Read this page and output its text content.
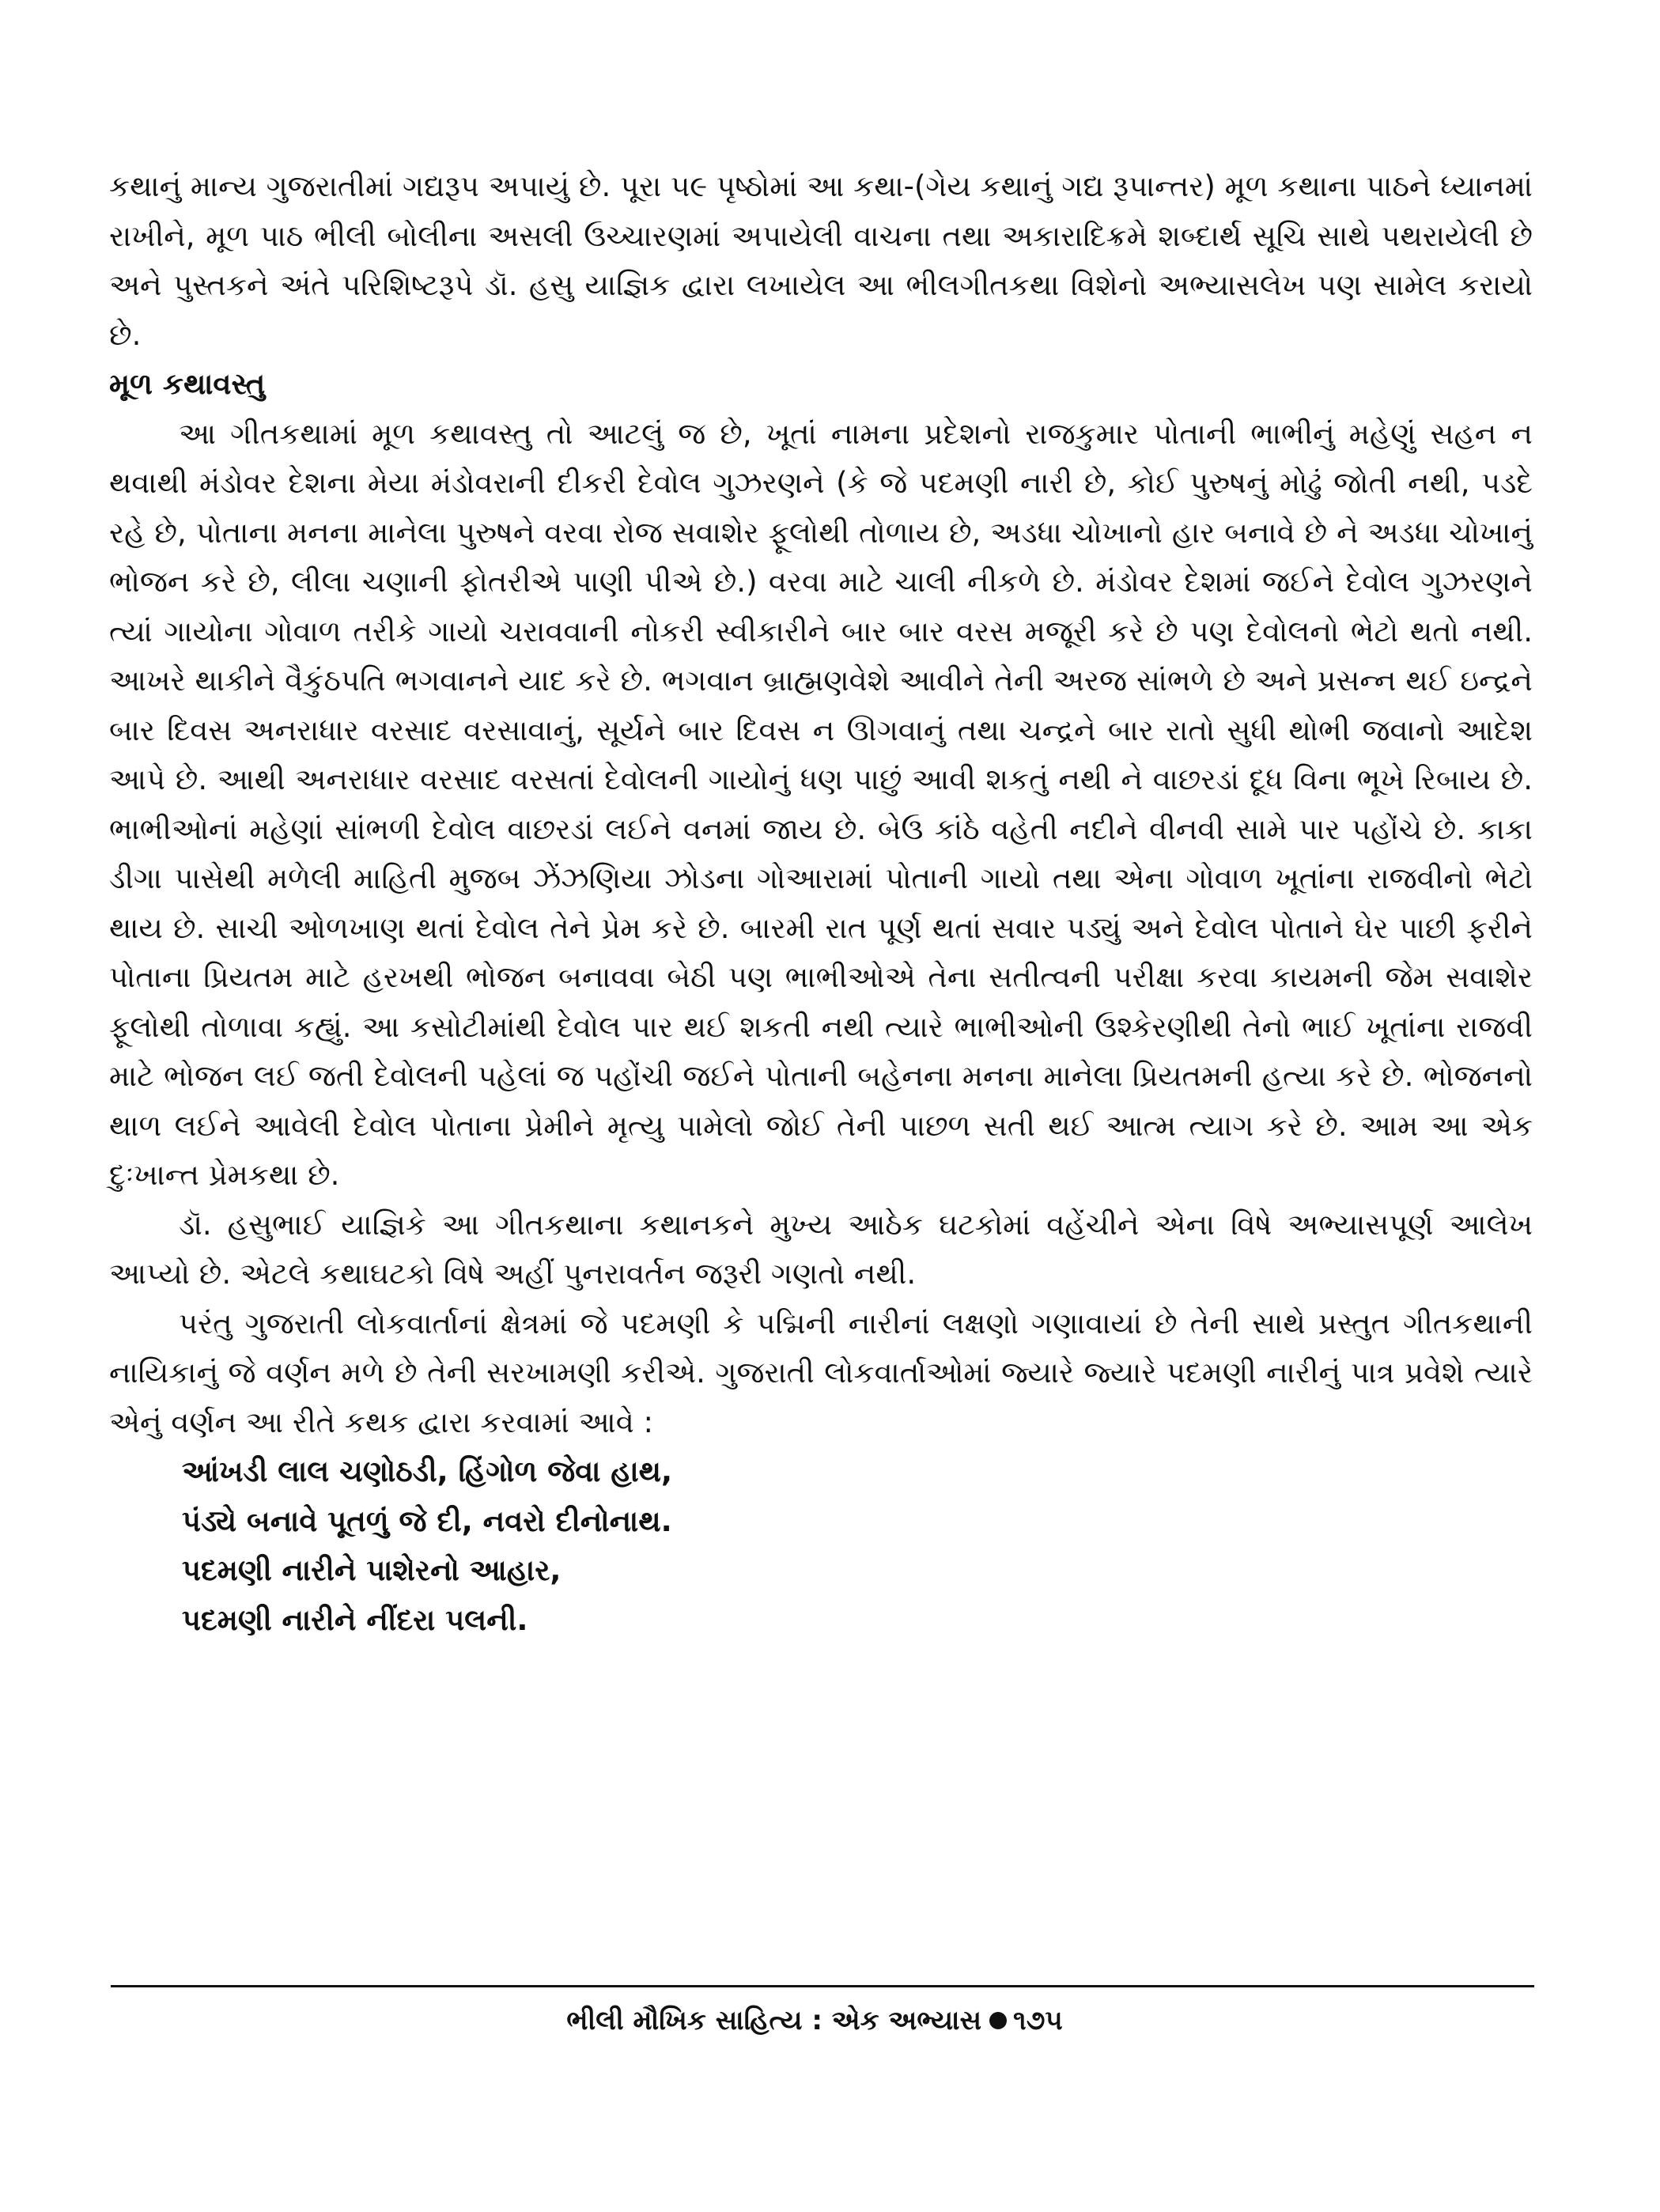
કથાનું માન્ય ગુજરાતીમાં ગદ્યરૂપ અપાયું છે. પૂરા ૫૯ પૃષ્ઠોમાં આ કથા-(ગેય કથાનું ગદ્ય રૂપાન્તર) મૂળ કથાના પાઠને ધ્યાનમાં રાખીને, મૂળ પાઠ ભીલી બોલીના અસલી ઉચ્ચારણમાં અપાયેલી વાચના તથા અકારાદિક્રમે શબ્દાર્થ સૂચિ સાથે પથરાયેલી છે અને પુસ્તકને અંતે પરિશિષ્ટરૂપે ડૉ. હસુ યાજ્ઞિક દ્વારા લખાયેલ આ ભીલગીતકથા વિશેનો અભ્યાસલેખ પણ સામેલ કરાયો છે.

મૂળ કથાવસ્તુ

આ ગીતકથામાં મૂળ કથાવસ્તુ તો આટલું જ છે, ખૂતાં નામના પ્રદેશનો રાજકુમાર પોતાની ભાભીનું મહેણું સહન ન થવાથી મંડોવર દેશના મેયા મંડોવરાની દીકરી દેવોલ ગુઝરણને (કે જે પદમણી નારી છે, કોઈ પુરુષનું મોઢું જોતી નથી, પડદે રહે છે, પોતાના મનના માનેલા પુરુષને વરવા રોજ સવાશેર ફૂલોથી તોળાય છે, અડધા ચોખાનો હાર બનાવે છે ને અડધા ચોખાનું ભોજન કરે છે, લીલા ચણાની ફોતરીએ પાણી પીએ છે.) વરવા માટે ચાલી નીકળે છે. મંડોવર દેશમાં જઈને દેવોલ ગુઝરણને ત્યાં ગાયોના ગોવાળ તરીકે ગાયો ચરાવવાની નોકરી સ્વીકારીને બાર બાર વરસ મજૂરી કરે છે પણ દેવોલનો ભેટો થતો નથી. આખરે થાકીને વૈકુંઠપતિ ભગવાનને યાદ કરે છે. ભગવાન બ્રાહ્મણવેશે આવીને તેની અરજ સાંભળે છે અને પ્રસન્ન થઈ ઇન્દ્રને બાર દિવસ અનરાધાર વરસાદ વરસાવાનું, સૂર્યને બાર દિવસ ન ઊગવાનું તથા ચન્દ્રને બાર રાતો સુધી થોભી જવાનો આદેશ આપે છે. આથી અનરાધાર વરસાદ વરસતાં દેવોલની ગાયોનું ધણ પાછું આવી શકતું નથી ને વાછરડાં દૂધ વિના ભૂખે રિબાય છે. ભાભીઓનાં મહેણાં સાંભળી દેવોલ વાછરડાં લઈને વનમાં જાય છે. બેઉ કાંઠે વહેતી નદીને વીનવી સામે પાર પહોંચે છે. કાકા ડીગા પાસેથી મળેલી માહિતી મુજબ ઝેંઝણિયા ઝોડના ગોઆરામાં પોતાની ગાયો તથા એના ગોવાળ ખૂતાંના રાજવીનો ભેટો થાય છે. સાચી ઓળખાણ થતાં દેવોલ તેને પ્રેમ કરે છે. બારમી રાત પૂર્ણ થતાં સવાર પડ્યું અને દેવોલ પોતાને ઘેર પાછી ફરીને પોતાના પ્રિયતમ માટે હરખથી ભોજન બનાવવા બેઠી પણ ભાભીઓએ તેના સતીત્વની પરીક્ષા કરવા કાયમની જેમ સવાશેર ફૂલોથી તોળાવા કહ્યું. આ કસોટીમાંથી દેવોલ પાર થઈ શકતી નથી ત્યારે ભાભીઓની ઉશ્કેરણીથી તેનો ભાઈ ખૂતાંના રાજવી માટે ભોજન લઈ જતી દેવોલની પહેલાં જ પહોંચી જઈને પોતાની બહેનના મનના માનેલા પ્રિયતમની હત્યા કરે છે. ભોજનનો થાળ લઈને આવેલી દેવોલ પોતાના પ્રેમીને મૃત્યુ પામેલો જોઈ તેની પાછળ સતી થઈ આત્મ ત્યાગ કરે છે. આમ આ એક દુઃખાન્ત પ્રેમકથા છે.

ડૉ. હસુભાઈ યાજ્ઞિકે આ ગીતકથાના કથાનકને મુખ્ય આઠેક ઘટકોમાં વહેંચીને એના વિષે અભ્યાસપૂર્ણ આલેખ આપ્યો છે. એટલે કથાઘટકો વિષે અહીં પુનરાવર્તન જરૂરી ગણતો નથી.

પરંતુ ગુજરાતી લોકવાર્તાનાં ક્ષેત્રમાં જે પદમણી કે પદ્મિની નારીનાં લક્ષણો ગણાવાયાં છે તેની સાથે પ્રસ્તુત ગીતકથાની નાયિકાનું જે વર્ણન મળે છે તેની સરખામણી કરીએ. ગુજરાતી લોકવાર્તાઓમાં જ્યારે જ્યારે પદમણી નારીનું પાત્ર પ્રવેશે ત્યારે એનું વર્ણન આ રીતે કથક દ્વારા કરવામાં આવે :

આંખડી લાલ ચણોઠડી, હિંગોળ જેવા હાથ,
પંડ્યે બનાવે પૂતળું જે દી, નવરો દીનોનાથ.
પદમણી નારીને પાશેરનો આહાર,
પદમણી નારીને નીંદરા પલની.
ભીલી મૌખિક સાહિત્ય : એક અભ્યાસ ૧૭૫
